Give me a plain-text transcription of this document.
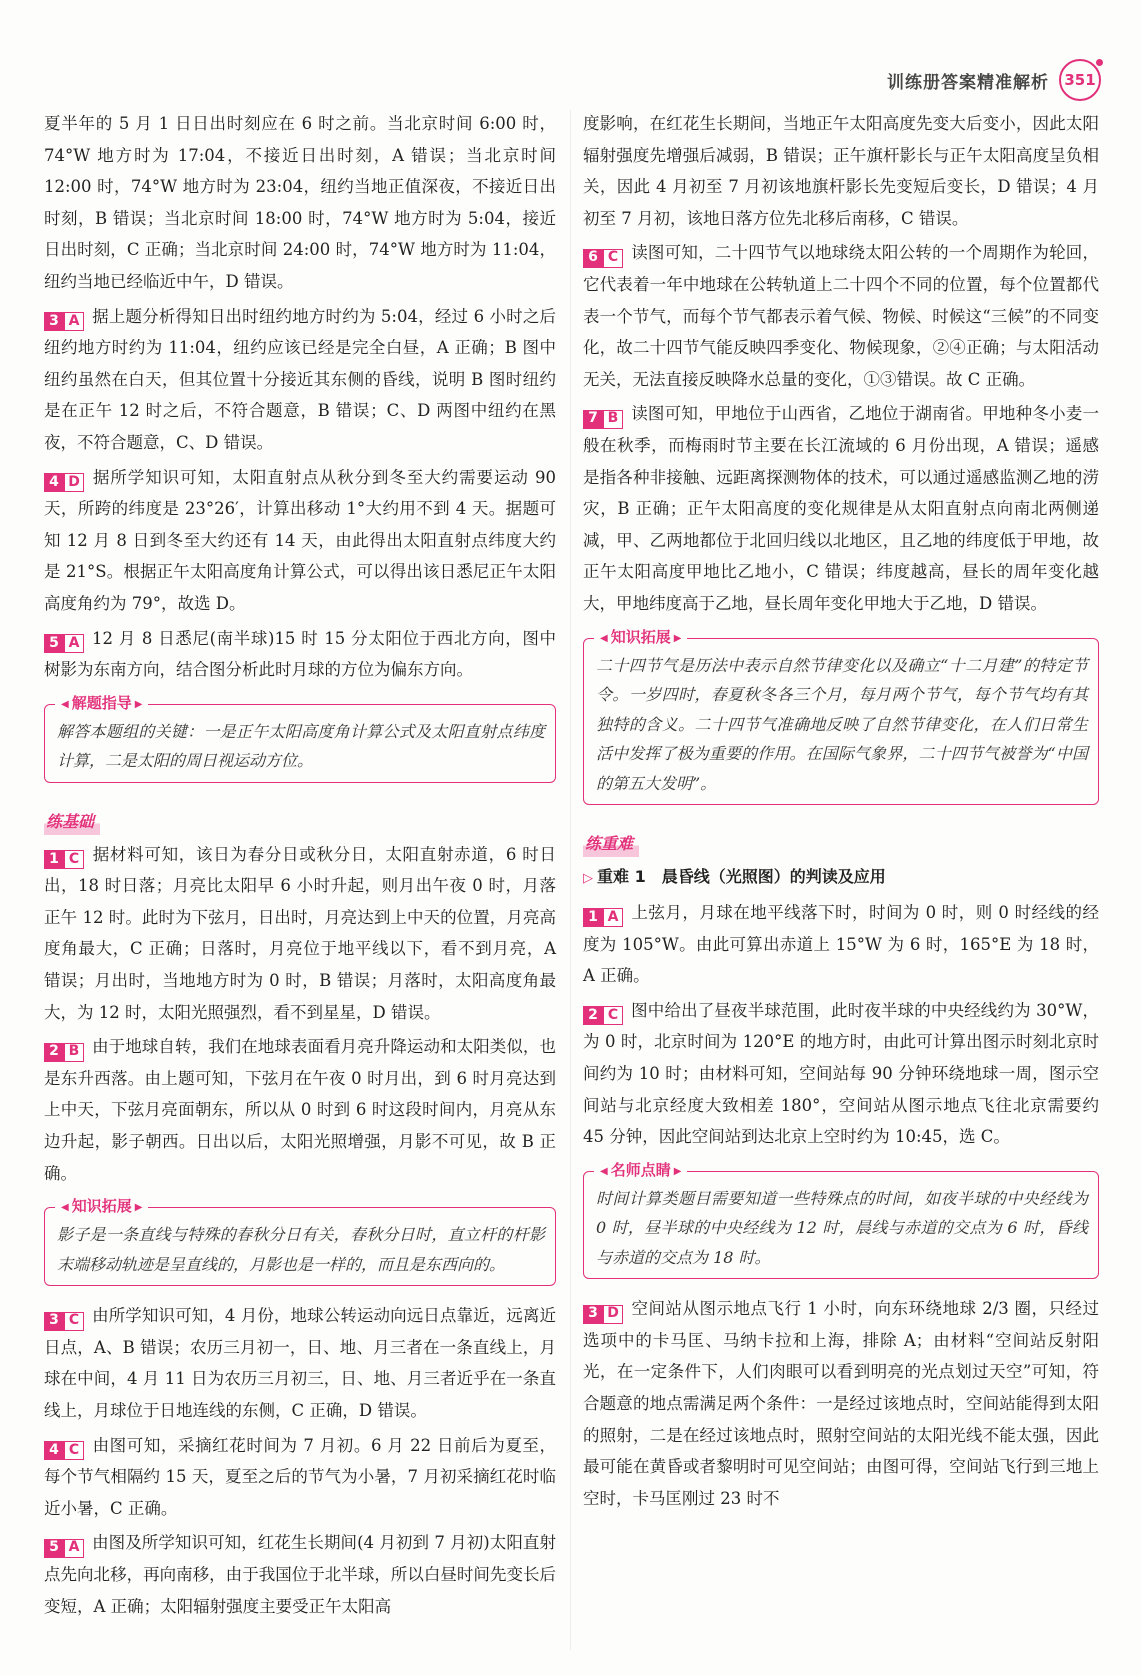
训练册答案精准解析	351

夏半年的 5 月 1 日日出时刻应在 6 时之前。当北京时间 6:00 时，74°W 地方时为 17:04，不接近日出时刻，A 错误；当北京时间 12:00 时，74°W 地方时为 23:04，纽约当地正值深夜，不接近日出时刻，B 错误；当北京时间 18:00 时，74°W 地方时为 5:04，接近日出时刻，C 正确；当北京时间 24:00 时，74°W 地方时为 11:04，纽约当地已经临近中午，D 错误。

3 A 据上题分析得知日出时纽约地方时约为 5:04，经过 6 小时之后纽约地方时约为 11:04，纽约应该已经是完全白昼，A 正确；B 图中纽约虽然在白天，但其位置十分接近其东侧的昏线，说明 B 图时纽约是在正午 12 时之后，不符合题意，B 错误；C、D 两图中纽约在黑夜，不符合题意，C、D 错误。

4 D 据所学知识可知，太阳直射点从秋分到冬至大约需要运动 90 天，所跨的纬度是 23°26′，计算出移动 1°大约用不到 4 天。据题可知 12 月 8 日到冬至大约还有 14 天，由此得出太阳直射点纬度大约是 21°S。根据正午太阳高度角计算公式，可以得出该日悉尼正午太阳高度角约为 79°，故选 D。

5 A 12 月 8 日悉尼(南半球)15 时 15 分太阳位于西北方向，图中树影为东南方向，结合图分析此时月球的方位为偏东方向。

◀ 解题指导 ▶
解答本题组的关键：一是正午太阳高度角计算公式及太阳直射点纬度计算，二是太阳的周日视运动方位。
练基础

1 C 据材料可知，该日为春分日或秋分日，太阳直射赤道，6 时日出，18 时日落；月亮比太阳早 6 小时升起，则月出午夜 0 时，月落正午 12 时。此时为下弦月，日出时，月亮达到上中天的位置，月亮高度角最大，C 正确；日落时，月亮位于地平线以下，看不到月亮，A 错误；月出时，当地地方时为 0 时，B 错误；月落时，太阳高度角最大，为 12 时，太阳光照强烈，看不到星星，D 错误。

2 B 由于地球自转，我们在地球表面看月亮升降运动和太阳类似，也是东升西落。由上题可知，下弦月在午夜 0 时月出，到 6 时月亮达到上中天，下弦月亮面朝东，所以从 0 时到 6 时这段时间内，月亮从东边升起，影子朝西。日出以后，太阳光照增强，月影不可见，故 B 正确。

◀ 知识拓展 ▶
影子是一条直线与特殊的春秋分日有关，春秋分日时，直立杆的杆影末端移动轨迹是呈直线的，月影也是一样的，而且是东西向的。

3 C 由所学知识可知，4 月份，地球公转运动向远日点靠近，远离近日点，A、B 错误；农历三月初一，日、地、月三者在一条直线上，月球在中间，4 月 11 日为农历三月初三，日、地、月三者近乎在一条直线上，月球位于日地连线的东侧，C 正确，D 错误。

4 C 由图可知，采摘红花时间为 7 月初。6 月 22 日前后为夏至，每个节气相隔约 15 天，夏至之后的节气为小暑，7 月初采摘红花时临近小暑，C 正确。

5 A 由图及所学知识可知，红花生长期间(4 月初到 7 月初)太阳直射点先向北移，再向南移，由于我国位于北半球，所以白昼时间先变长后变短，A 正确；太阳辐射强度主要受正午太阳高

度影响，在红花生长期间，当地正午太阳高度先变大后变小，因此太阳辐射强度先增强后减弱，B 错误；正午旗杆影长与正午太阳高度呈负相关，因此 4 月初至 7 月初该地旗杆影长先变短后变长，D 错误；4 月初至 7 月初，该地日落方位先北移后南移，C 错误。

6 C 读图可知，二十四节气以地球绕太阳公转的一个周期作为轮回，它代表着一年中地球在公转轨道上二十四个不同的位置，每个位置都代表一个节气，而每个节气都表示着气候、物候、时候这“三候”的不同变化，故二十四节气能反映四季变化、物候现象，②④正确；与太阳活动无关，无法直接反映降水总量的变化，①③错误。故 C 正确。

7 B 读图可知，甲地位于山西省，乙地位于湖南省。甲地种冬小麦一般在秋季，而梅雨时节主要在长江流域的 6 月份出现，A 错误；遥感是指各种非接触、远距离探测物体的技术，可以通过遥感监测乙地的涝灾，B 正确；正午太阳高度的变化规律是从太阳直射点向南北两侧递减，甲、乙两地都位于北回归线以北地区，且乙地的纬度低于甲地，故正午太阳高度甲地比乙地小，C 错误；纬度越高，昼长的周年变化越大，甲地纬度高于乙地，昼长周年变化甲地大于乙地，D 错误。

◀ 知识拓展 ▶
二十四节气是历法中表示自然节律变化以及确立“十二月建”的特定节令。一岁四时，春夏秋冬各三个月，每月两个节气，每个节气均有其独特的含义。二十四节气准确地反映了自然节律变化，在人们日常生活中发挥了极为重要的作用。在国际气象界，二十四节气被誉为“中国的第五大发明”。
练重难
▷ 重难 1　晨昏线（光照图）的判读及应用

1 A 上弦月，月球在地平线落下时，时间为 0 时，则 0 时经线的经度为 105°W。由此可算出赤道上 15°W 为 6 时，165°E 为 18 时，A 正确。

2 C 图中给出了昼夜半球范围，此时夜半球的中央经线约为 30°W，为 0 时，北京时间为 120°E 的地方时，由此可计算出图示时刻北京时间约为 10 时；由材料可知，空间站每 90 分钟环绕地球一周，图示空间站与北京经度大致相差 180°，空间站从图示地点飞往北京需要约 45 分钟，因此空间站到达北京上空时约为 10:45，选 C。

◀ 名师点睛 ▶
时间计算类题目需要知道一些特殊点的时间，如夜半球的中央经线为 0 时，昼半球的中央经线为 12 时，晨线与赤道的交点为 6 时，昏线与赤道的交点为 18 时。

3 D 空间站从图示地点飞行 1 小时，向东环绕地球 2/3 圈，只经过选项中的卡马匡、马纳卡拉和上海，排除 A；由材料“空间站反射阳光，在一定条件下，人们肉眼可以看到明亮的光点划过天空”可知，符合题意的地点需满足两个条件：一是经过该地点时，空间站能得到太阳的照射，二是在经过该地点时，照射空间站的太阳光线不能太强，因此最可能在黄昏或者黎明时可见空间站；由图可得，空间站飞行到三地上空时，卡马匡刚过 23 时不
